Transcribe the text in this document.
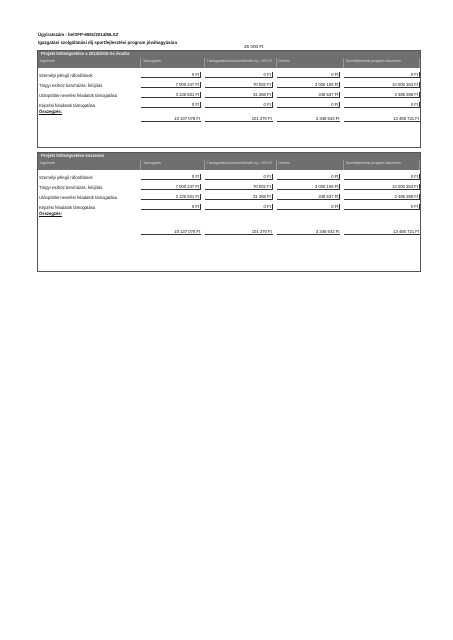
Ügyiratszám : be/SFP-6591/2014/MLSZ
Igazgatási szolgáltatási díj sportfejlesztési program jóváhagyására
25 000 Ft
Projekt költségvetése a 2014/2015-ös évadra
Jogcímek	Támogatás	Támogatásból közreműködői díj = 900 Ft	Önrész	Sportfejlesztési program összesen
Személyi jellegű ráfordítások	0 Ft	0 Ft	0 Ft	0 Ft
Tárgyi eszköz beruházás, felújítás	7 000 247 Ft	70 002 Ft	3 000 106 Ft	10 000 353 Ft
Utánpótlás-nevelési feladatok támogatása	3 136 831 Ft	31 368 Ft	348 537 Ft	3 485 368 Ft
Képzési feladatok támogatása	0 Ft	0 Ft	0 Ft	0 Ft
Összegzés:
10 137 078 Ft	101 370 Ft	3 348 643 Ft	13 485 721 Ft
Projekt költségvetése összesen
Jogcímek	Támogatás	Támogatásból közreműködői díj = 900 Ft	Önrész	Sportfejlesztési program összesen
Személyi jellegű ráfordítások	0 Ft	0 Ft	0 Ft	0 Ft
Tárgyi eszköz beruházás, felújítás	7 000 247 Ft	70 002 Ft	3 000 106 Ft	10 000 353 Ft
Utánpótlás-nevelési feladatok támogatása	3 136 831 Ft	31 368 Ft	348 537 Ft	3 485 368 Ft
Képzési feladatok támogatása	0 Ft	0 Ft	0 Ft	0 Ft
Összegzés:
10 137 078 Ft	101 370 Ft	3 348 643 Ft	13 485 721 Ft
